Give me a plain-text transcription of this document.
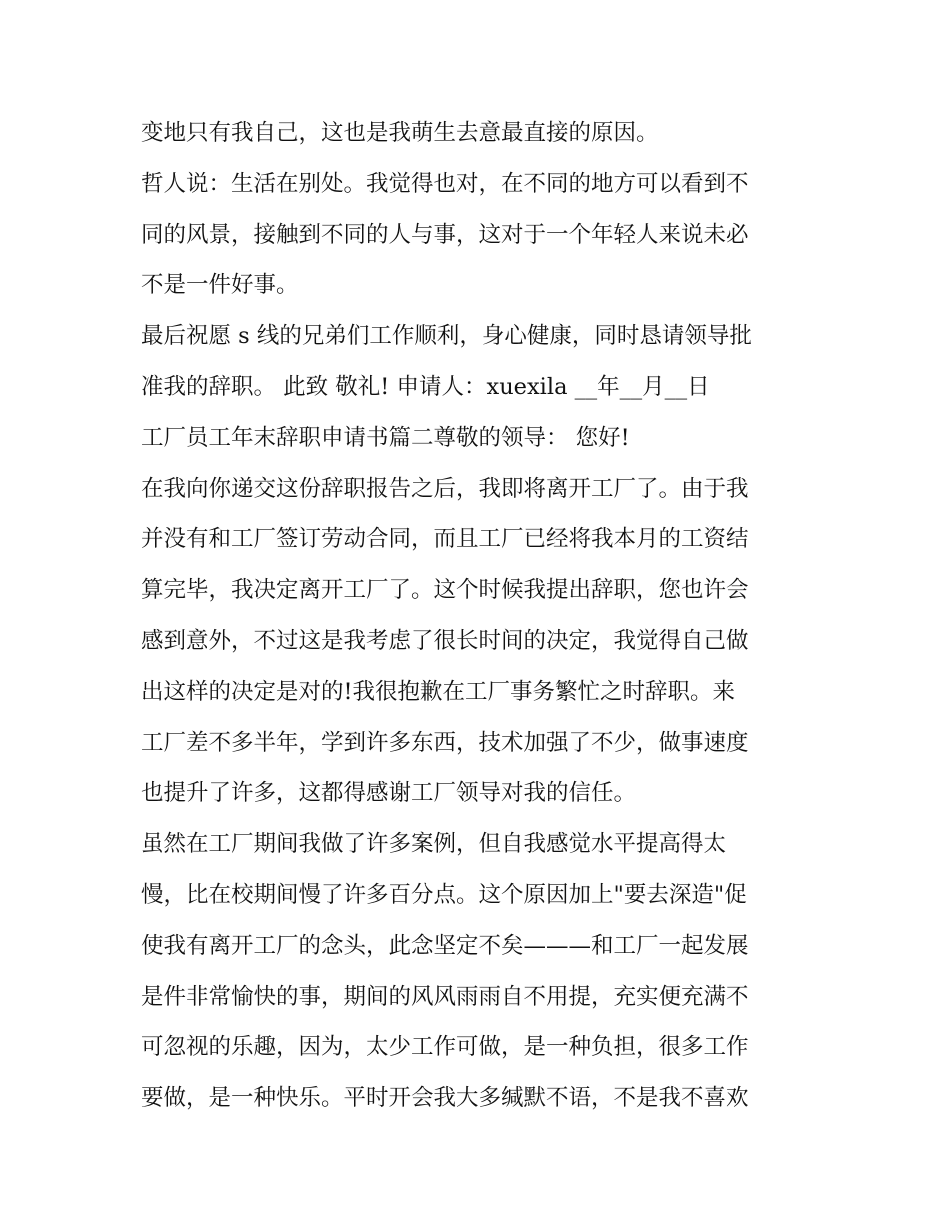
变地只有我自己，这也是我萌生去意最直接的原因。
哲人说：生活在别处。我觉得也对，在不同的地方可以看到不
同的风景，接触到不同的人与事，这对于一个年轻人来说未必
不是一件好事。
最后祝愿 s 线的兄弟们工作顺利，身心健康，同时恳请领导批
准我的辞职。 此致 敬礼! 申请人：xuexila __年__月__日
工厂员工年末辞职申请书篇二尊敬的领导： 您好!
在我向你递交这份辞职报告之后，我即将离开工厂了。由于我
并没有和工厂签订劳动合同，而且工厂已经将我本月的工资结
算完毕，我决定离开工厂了。这个时候我提出辞职，您也许会
感到意外，不过这是我考虑了很长时间的决定，我觉得自己做
出这样的决定是对的!我很抱歉在工厂事务繁忙之时辞职。来
工厂差不多半年，学到许多东西，技术加强了不少，做事速度
也提升了许多，这都得感谢工厂领导对我的信任。
虽然在工厂期间我做了许多案例，但自我感觉水平提高得太
慢，比在校期间慢了许多百分点。这个原因加上"要去深造"促
使我有离开工厂的念头，此念坚定不矣———和工厂一起发展
是件非常愉快的事，期间的风风雨雨自不用提，充实便充满不
可忽视的乐趣，因为，太少工作可做，是一种负担，很多工作
要做，是一种快乐。平时开会我大多缄默不语，不是我不喜欢
